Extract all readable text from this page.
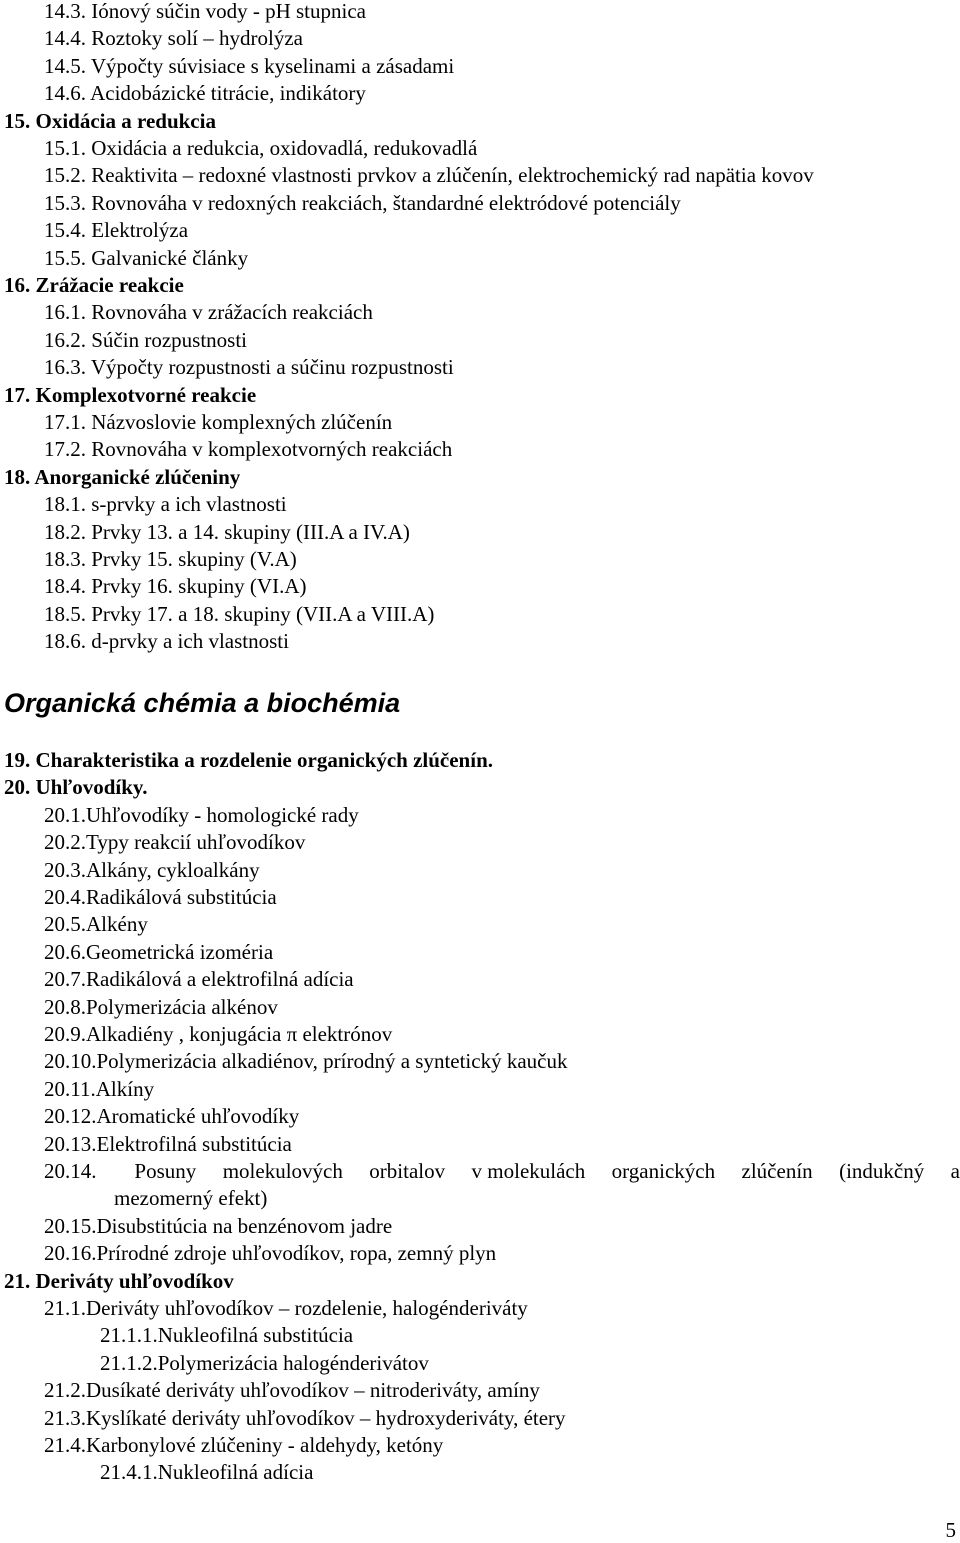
Organická chémia a biochémia
20.14.	Posuny molekulových orbitalov v molekulách organických zlúčenín (indukčný a
mezomerný efekt)
5
14.3. Iónový súčin vody - pH stupnica
14.4. Roztoky solí – hydrolýza
14.5. Výpočty súvisiace s kyselinami a zásadami
14.6. Acidobázické titrácie, indikátory
15. Oxidácia a redukcia
15.1. Oxidácia a redukcia, oxidovadlá, redukovadlá
15.2. Reaktivita – redoxné vlastnosti prvkov a zlúčenín, elektrochemický rad napätia kovov
15.3. Rovnováha v redoxných reakciách, štandardné elektródové potenciály
15.4. Elektrolýza
15.5. Galvanické články
16. Zrážacie reakcie
16.1. Rovnováha v zrážacích reakciách
16.2. Súčin rozpustnosti
16.3. Výpočty rozpustnosti a súčinu rozpustnosti
17. Komplexotvorné reakcie
17.1. Názvoslovie komplexných zlúčenín
17.2. Rovnováha v komplexotvorných reakciách
18. Anorganické zlúčeniny
18.1. s-prvky a ich vlastnosti
18.2. Prvky 13. a 14. skupiny (III.A a IV.A)
18.3. Prvky 15. skupiny (V.A)
18.4. Prvky 16. skupiny (VI.A)
18.5. Prvky 17. a 18. skupiny (VII.A a VIII.A)
18.6. d-prvky a ich vlastnosti
19. Charakteristika a rozdelenie organických zlúčenín.
20. Uhľovodíky.
20.1.Uhľovodíky - homologické rady
20.2.Typy reakcií uhľovodíkov
20.3.Alkány, cykloalkány
20.4.Radikálová substitúcia
20.5.Alkény
20.6.Geometrická izoméria
20.7.Radikálová a elektrofilná adícia
20.8.Polymerizácia alkénov
20.9.Alkadiény , konjugácia π elektrónov
20.10.Polymerizácia alkadiénov, prírodný a syntetický kaučuk
20.11.Alkíny
20.12.Aromatické uhľovodíky
20.13.Elektrofilná substitúcia
20.15.Disubstitúcia na benzénovom jadre
20.16.Prírodné zdroje uhľovodíkov, ropa, zemný plyn
21. Deriváty uhľovodíkov
21.1.Deriváty uhľovodíkov – rozdelenie, halogénderiváty
21.1.1.Nukleofilná substitúcia
21.1.2.Polymerizácia halogénderivátov
21.2.Dusíkaté deriváty uhľovodíkov – nitroderiváty, amíny
21.3.Kyslíkaté deriváty uhľovodíkov – hydroxyderiváty, étery
21.4.Karbonylové zlúčeniny - aldehydy, ketóny
21.4.1.Nukleofilná adícia
